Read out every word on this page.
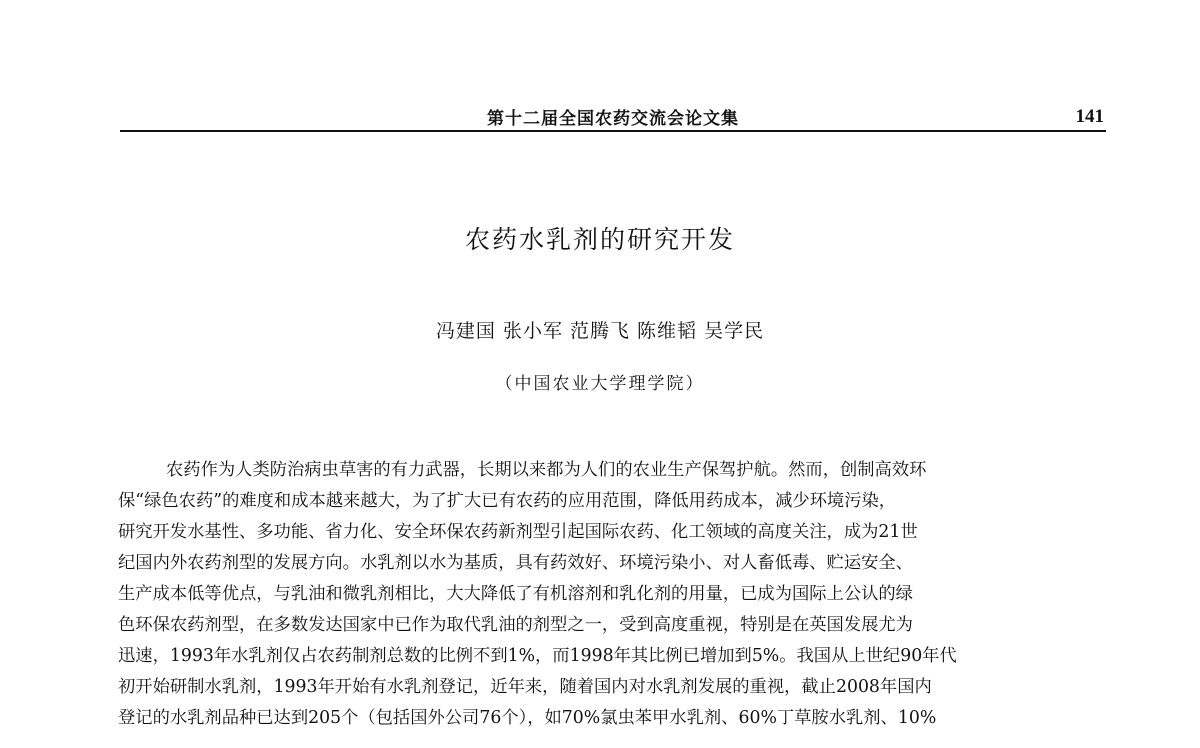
第十二届全国农药交流会论文集	141
农药水乳剂的研究开发
冯建国 张小军 范腾飞 陈维韬 吴学民
（中国农业大学理学院）
农药作为人类防治病虫草害的有力武器，长期以来都为人们的农业生产保驾护航。然而，创制高效环
保“绿色农药”的难度和成本越来越大，为了扩大已有农药的应用范围，降低用药成本，减少环境污染，
研究开发水基性、多功能、省力化、安全环保农药新剂型引起国际农药、化工领域的高度关注，成为21世
纪国内外农药剂型的发展方向。水乳剂以水为基质，具有药效好、环境污染小、对人畜低毒、贮运安全、
生产成本低等优点，与乳油和微乳剂相比，大大降低了有机溶剂和乳化剂的用量，已成为国际上公认的绿
色环保农药剂型，在多数发达国家中已作为取代乳油的剂型之一，受到高度重视，特别是在英国发展尤为
迅速，1993年水乳剂仅占农药制剂总数的比例不到1%，而1998年其比例已增加到5%。我国从上世纪90年代
初开始研制水乳剂，1993年开始有水乳剂登记，近年来，随着国内对水乳剂发展的重视，截止2008年国内
登记的水乳剂品种已达到205个（包括国外公司76个），如70%氯虫苯甲水乳剂、60%丁草胺水乳剂、10%
